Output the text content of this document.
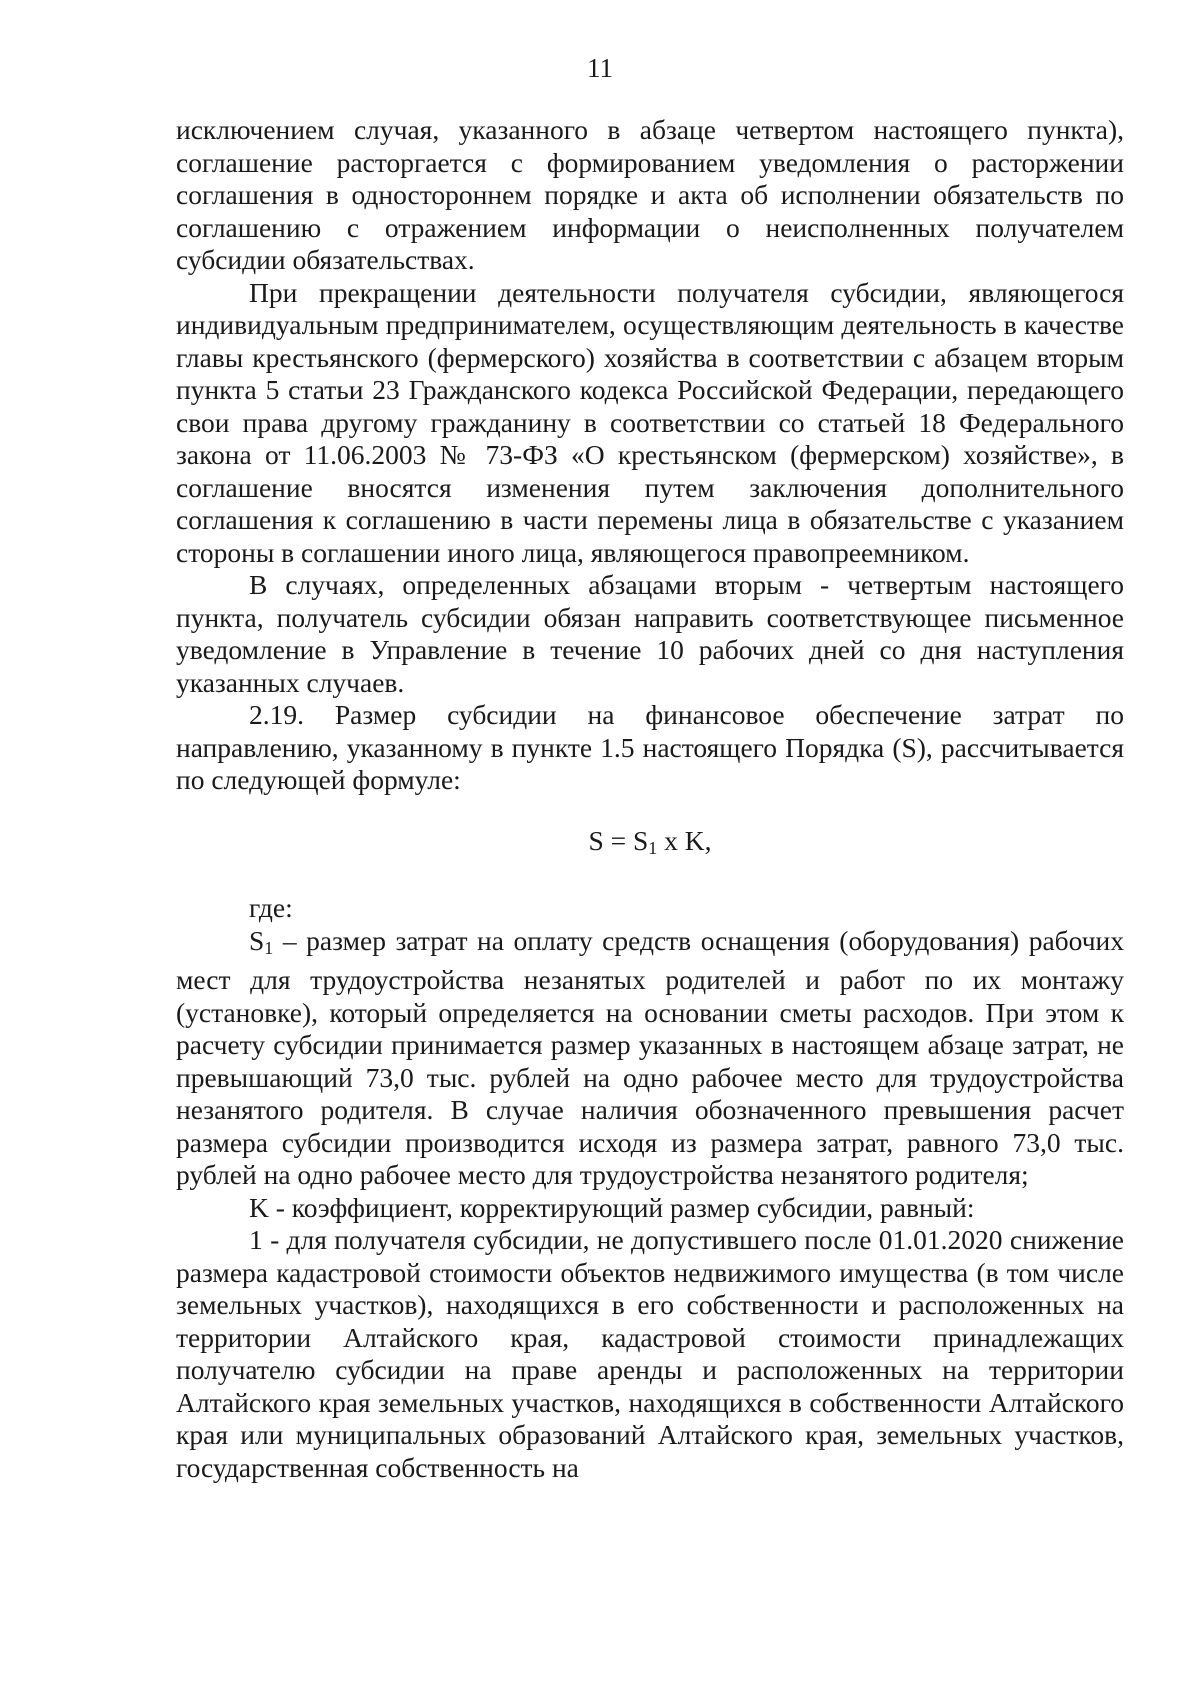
11

исключением случая, указанного в абзаце четвертом настоящего пункта), соглашение расторгается с формированием уведомления о расторжении соглашения в одностороннем порядке и акта об исполнении обязательств по соглашению с отражением информации о неисполненных получателем субсидии обязательствах.

При прекращении деятельности получателя субсидии, являющегося индивидуальным предпринимателем, осуществляющим деятельность в качестве главы крестьянского (фермерского) хозяйства в соответствии с абзацем вторым пункта 5 статьи 23 Гражданского кодекса Российской Федерации, передающего свои права другому гражданину в соответствии со статьей 18 Федерального закона от 11.06.2003 № 73-ФЗ «О крестьянском (фермерском) хозяйстве», в соглашение вносятся изменения путем заключения дополнительного соглашения к соглашению в части перемены лица в обязательстве с указанием стороны в соглашении иного лица, являющегося правопреемником.

В случаях, определенных абзацами вторым - четвертым настоящего пункта, получатель субсидии обязан направить соответствующее письменное уведомление в Управление в течение 10 рабочих дней со дня наступления указанных случаев.

2.19. Размер субсидии на финансовое обеспечение затрат по направлению, указанному в пункте 1.5 настоящего Порядка (S), рассчитывается по следующей формуле:

$S = S_1$ x K,

где:

$S_1$ – размер затрат на оплату средств оснащения (оборудования) рабочих мест для трудоустройства незанятых родителей и работ по их монтажу (установке), который определяется на основании сметы расходов. При этом к расчету субсидии принимается размер указанных в настоящем абзаце затрат, не превышающий 73,0 тыс. рублей на одно рабочее место для трудоустройства незанятого родителя. В случае наличия обозначенного превышения расчет размера субсидии производится исходя из размера затрат, равного 73,0 тыс. рублей на одно рабочее место для трудоустройства незанятого родителя;

K - коэффициент, корректирующий размер субсидии, равный:

1 - для получателя субсидии, не допустившего после 01.01.2020 снижение размера кадастровой стоимости объектов недвижимого имущества (в том числе земельных участков), находящихся в его собственности и расположенных на территории Алтайского края, кадастровой стоимости принадлежащих получателю субсидии на праве аренды и расположенных на территории Алтайского края земельных участков, находящихся в собственности Алтайского края или муниципальных образований Алтайского края, земельных участков, государственная собственность на
